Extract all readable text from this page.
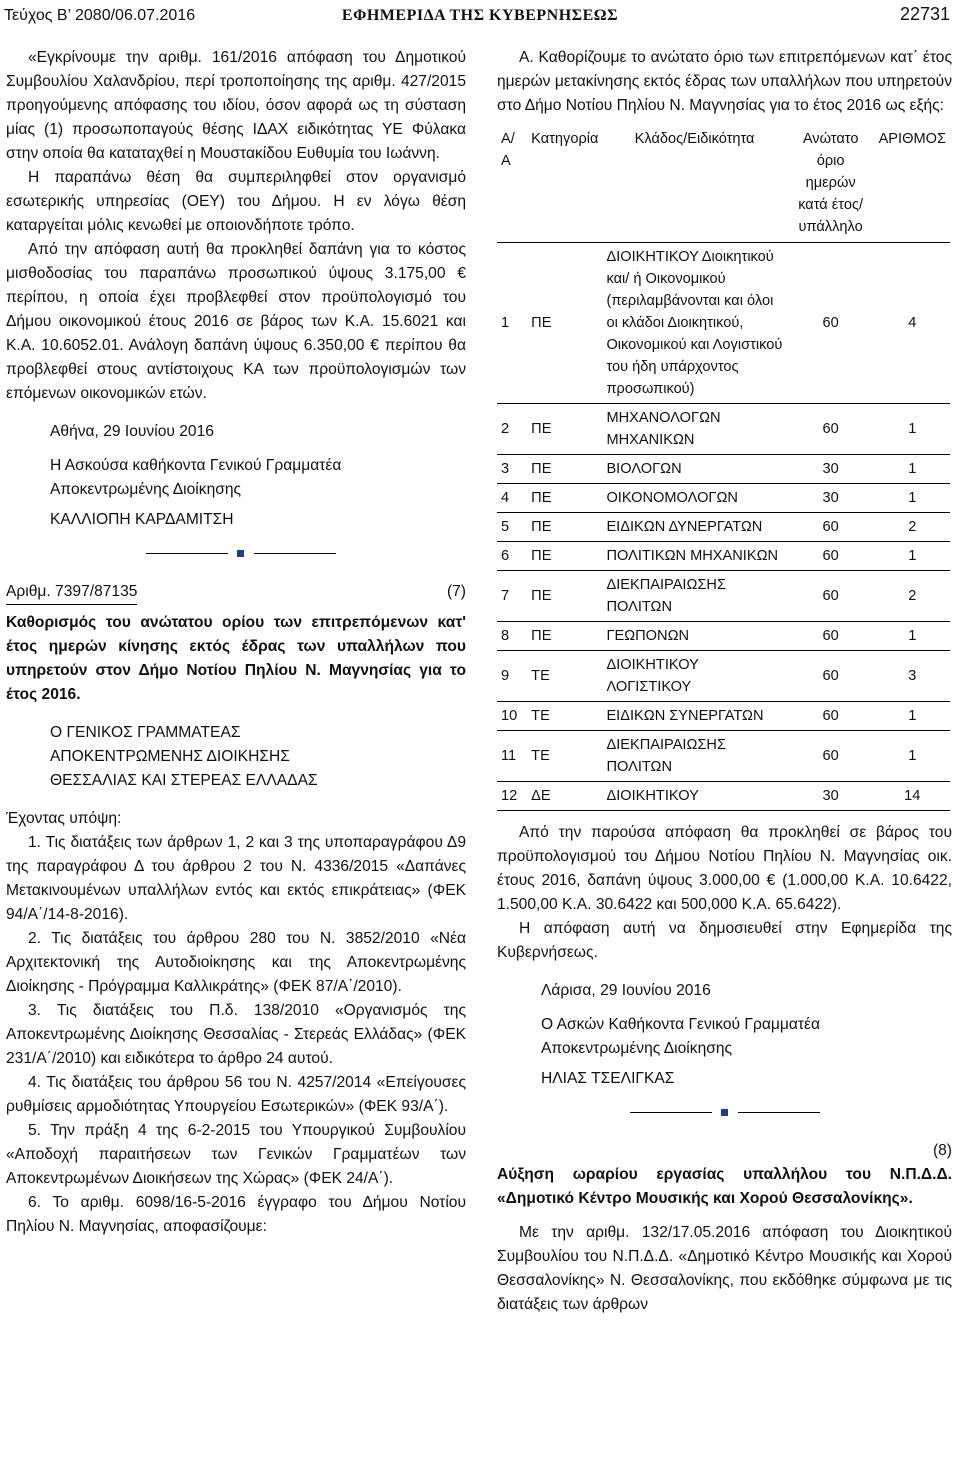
Τεύχος Β’ 2080/06.07.2016	ΕΦΗΜΕΡΙΔΑ ΤΗΣ ΚΥΒΕΡΝΗΣΕΩΣ	22731

«Εγκρίνουμε την αριθμ. 161/2016 απόφαση του Δημοτικού Συμβουλίου Χαλανδρίου, περί τροποποίησης της αριθμ. 427/2015 προηγούμενης απόφασης του ιδίου, όσον αφορά ως τη σύσταση μίας (1) προσωποπαγούς θέσης ΙΔΑΧ ειδικότητας ΥΕ Φύλακα στην οποία θα καταταχθεί η Μουστακίδου Ευθυμία του Ιωάννη.

Η παραπάνω θέση θα συμπεριληφθεί στον οργανισμό εσωτερικής υπηρεσίας (ΟΕΥ) του Δήμου. Η εν λόγω θέση καταργείται μόλις κενωθεί με οποιονδήποτε τρόπο.

Από την απόφαση αυτή θα προκληθεί δαπάνη για το κόστος μισθοδοσίας του παραπάνω προσωπικού ύψους 3.175,00 € περίπου, η οποία έχει προβλεφθεί στον προϋπολογισμό του Δήμου οικονομικού έτους 2016 σε βάρος των Κ.Α. 15.6021 και Κ.Α. 10.6052.01. Ανάλογη δαπάνη ύψους 6.350,00 € περίπου θα προβλεφθεί στους αντίστοιχους ΚΑ των προϋπολογισμών των επόμενων οικονομικών ετών.

Αθήνα, 29 Ιουνίου 2016

Η Ασκούσα καθήκοντα Γενικού Γραμματέα

Αποκεντρωμένης Διοίκησης

ΚΑΛΛΙΟΠΗ ΚΑΡΔΑΜΙΤΣΗ

Αριθμ. 7397/87135	(7)

Καθορισμός του ανώτατου ορίου των επιτρεπόμενων κατ' έτος ημερών κίνησης εκτός έδρας των υπαλλήλων που υπηρετούν στον Δήμο Νοτίου Πηλίου Ν. Μαγνησίας για το έτος 2016.

Ο ΓΕΝΙΚΟΣ ΓΡΑΜΜΑΤΕΑΣ

ΑΠΟΚΕΝΤΡΩΜΕΝΗΣ ΔΙΟΙΚΗΣΗΣ

ΘΕΣΣΑΛΙΑΣ ΚΑΙ ΣΤΕΡΕΑΣ ΕΛΛΑΔΑΣ

Έχοντας υπόψη:

1. Τις διατάξεις των άρθρων 1, 2 και 3 της υποπαραγράφου Δ9 της παραγράφου Δ του άρθρου 2 του Ν. 4336/2015 «Δαπάνες Μετακινουμένων υπαλλήλων εντός και εκτός επικράτειας» (ΦΕΚ 94/Α΄/14-8-2016).

2. Τις διατάξεις του άρθρου 280 του Ν. 3852/2010 «Νέα Αρχιτεκτονική της Αυτοδιοίκησης και της Αποκεντρωμένης Διοίκησης - Πρόγραμμα Καλλικράτης» (ΦΕΚ 87/Α΄/2010).

3. Τις διατάξεις του Π.δ. 138/2010 «Οργανισμός της Αποκεντρωμένης Διοίκησης Θεσσαλίας - Στερεάς Ελλάδας» (ΦΕΚ 231/Α΄/2010) και ειδικότερα το άρθρο 24 αυτού.

4. Τις διατάξεις του άρθρου 56 του Ν. 4257/2014 «Επείγουσες ρυθμίσεις αρμοδιότητας Υπουργείου Εσωτερικών» (ΦΕΚ 93/Α΄).

5. Την πράξη 4 της 6-2-2015 του Υπουργικού Συμβουλίου «Αποδοχή παραιτήσεων των Γενικών Γραμματέων των Αποκεντρωμένων Διοικήσεων της Χώρας» (ΦΕΚ 24/Α΄).

6. Το αριθμ. 6098/16-5-2016 έγγραφο του Δήμου Νοτίου Πηλίου Ν. Μαγνησίας, αποφασίζουμε:

Α. Καθορίζουμε το ανώτατο όριο των επιτρεπόμενων κατ΄ έτος ημερών μετακίνησης εκτός έδρας των υπαλλήλων που υπηρετούν στο Δήμο Νοτίου Πηλίου Ν. Μαγνησίας για το έτος 2016 ως εξής:

Α/Α	Κατηγορία	Κλάδος/Ειδικότητα	Ανώτατο όριο ημερών κατά έτος/ υπάλληλο	ΑΡΙΘΜΟΣ
1	ΠΕ	ΔΙΟΙΚΗΤΙΚΟΥ Διοικητικού και/ ή Οικονομικού (περιλαμβάνονται και όλοι οι κλάδοι Διοικητικού, Οικονομικού και Λογιστικού του ήδη υπάρχοντος προσωπικού)	60	4
2	ΠΕ	ΜΗΧΑΝΟΛΟΓΩΝ ΜΗΧΑΝΙΚΩΝ	60	1
3	ΠΕ	ΒΙΟΛΟΓΩΝ	30	1
4	ΠΕ	ΟΙΚΟΝΟΜΟΛΟΓΩΝ	30	1
5	ΠΕ	ΕΙΔΙΚΩΝ ΔΥΝΕΡΓΑΤΩΝ	60	2
6	ΠΕ	ΠΟΛΙΤΙΚΩΝ ΜΗΧΑΝΙΚΩΝ	60	1
7	ΠΕ	ΔΙΕΚΠΑΙΡΑΙΩΣΗΣ ΠΟΛΙΤΩΝ	60	2
8	ΠΕ	ΓΕΩΠΟΝΩΝ	60	1
9	ΤΕ	ΔΙΟΙΚΗΤΙΚΟΥ ΛΟΓΙΣΤΙΚΟΥ	60	3
10	ΤΕ	ΕΙΔΙΚΩΝ ΣΥΝΕΡΓΑΤΩΝ	60	1
11	ΤΕ	ΔΙΕΚΠΑΙΡΑΙΩΣΗΣ ΠΟΛΙΤΩΝ	60	1
12	ΔΕ	ΔΙΟΙΚΗΤΙΚΟΥ	30	14

Από την παρούσα απόφαση θα προκληθεί σε βάρος του προϋπολογισμού του Δήμου Νοτίου Πηλίου Ν. Μαγνησίας οικ. έτους 2016, δαπάνη ύψους 3.000,00 € (1.000,00 Κ.Α. 10.6422, 1.500,00 Κ.Α. 30.6422 και 500,000 Κ.Α. 65.6422).

Η απόφαση αυτή να δημοσιευθεί στην Εφημερίδα της Κυβερνήσεως.

Λάρισα, 29 Ιουνίου 2016

Ο Ασκών Καθήκοντα Γενικού Γραμματέα

Αποκεντρωμένης Διοίκησης

ΗΛΙΑΣ ΤΣΕΛΙΓΚΑΣ

(8)

Αύξηση ωραρίου εργασίας υπαλλήλου του Ν.Π.Δ.Δ. «Δημοτικό Κέντρο Μουσικής και Χορού Θεσσαλονίκης».

Με την αριθμ. 132/17.05.2016 απόφαση του Διοικητικού Συμβουλίου του Ν.Π.Δ.Δ. «Δημοτικό Κέντρο Μουσικής και Χορού Θεσσαλονίκης» Ν. Θεσσαλονίκης, που εκδόθηκε σύμφωνα με τις διατάξεις των άρθρων
